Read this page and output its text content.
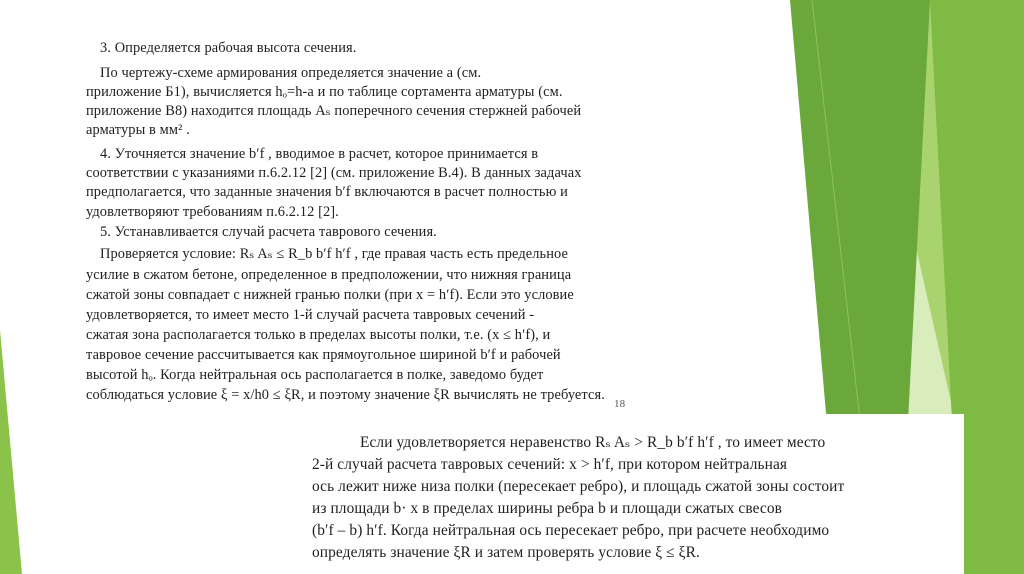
3. Определяется рабочая высота сечения.
По чертежу-схеме армирования определяется значение a (см.
приложение Б1), вычисляется hₒ=h-a и по таблице сортамента арматуры (см.
приложение В8) находится площадь Aₛ поперечного сечения стержней рабочей
арматуры в мм² .
4. Уточняется значение b′f , вводимое в расчет, которое принимается в
соответствии с указаниями п.6.2.12 [2] (см. приложение В.4). В данных задачах
предполагается, что заданные значения b′f включаются в расчет полностью и
удовлетворяют требованиям п.6.2.12 [2].
5. Устанавливается случай расчета таврового сечения.
Проверяется условие: Rₛ Aₛ ≤ R_b b′f h′f , где правая часть есть предельное
усилие в сжатом бетоне, определенное в предположении, что нижняя граница
сжатой зоны совпадает с нижней гранью полки (при x = h′f). Если это условие
удовлетворяется, то имеет место 1-й случай расчета тавровых сечений -
сжатая зона располагается только в пределах высоты полки, т.е. (x ≤ h′f), и
тавровое сечение рассчитывается как прямоугольное шириной b′f и рабочей
высотой hₒ. Когда нейтральная ось располагается в полке, заведомо будет
соблюдаться условие ξ = x/h0 ≤ ξR, и поэтому значение ξR вычислять не требуется.
18
Если удовлетворяется неравенство Rₛ Aₛ > R_b b′f h′f , то имеет место
2-й случай расчета тавровых сечений: x > h′f, при котором нейтральная
ось лежит ниже низа полки (пересекает ребро), и площадь сжатой зоны состоит
из площади b· x в пределах ширины ребра b и площади сжатых свесов
(b′f – b) h′f. Когда нейтральная ось пересекает ребро, при расчете необходимо
определять значение ξR и затем проверять условие ξ ≤ ξR.
